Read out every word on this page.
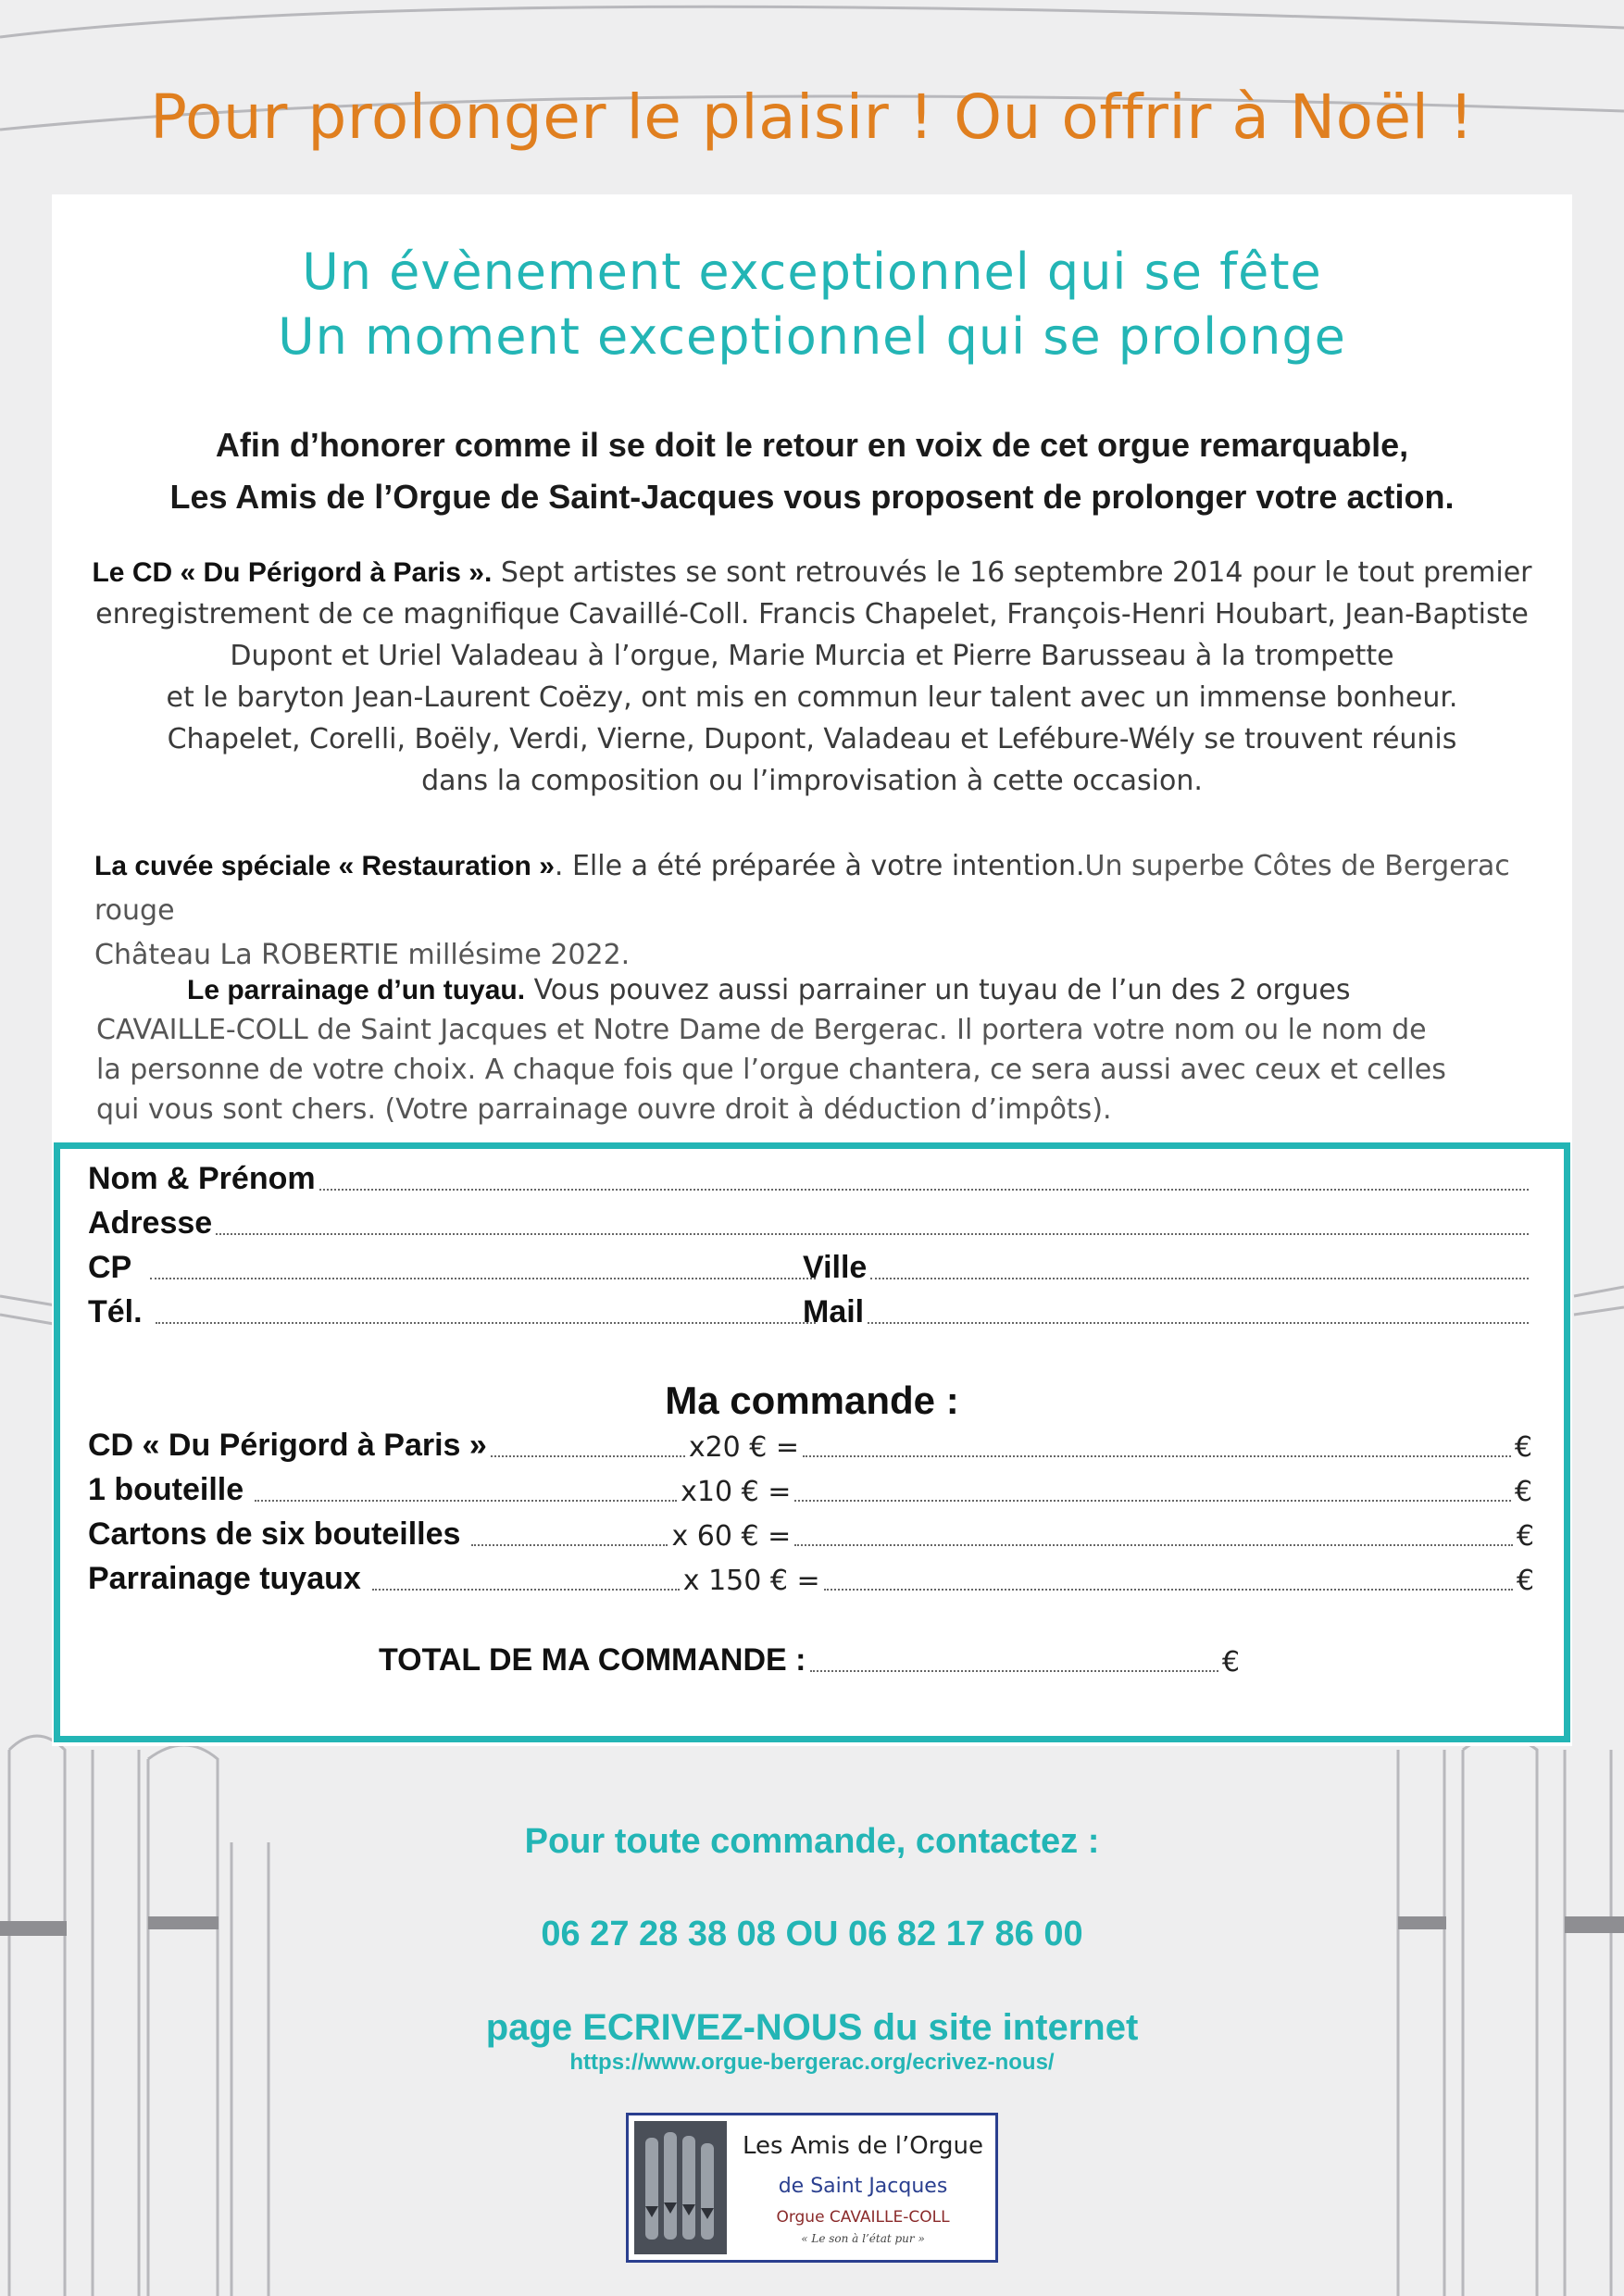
Pour prolonger le plaisir ! Ou offrir à Noël !
Un évènement exceptionnel qui se fête
Un moment exceptionnel qui se prolonge
Afin d’honorer comme il se doit le retour en voix de cet orgue remarquable,
Les Amis de l’Orgue de Saint-Jacques vous proposent de prolonger votre action.
Le CD « Du Périgord à Paris ». Sept artistes se sont retrouvés le 16 septembre 2014 pour le tout premier
enregistrement de ce magnifique Cavaillé-Coll. Francis Chapelet, François-Henri Houbart, Jean-Baptiste
Dupont et Uriel Valadeau à l’orgue, Marie Murcia et Pierre Barusseau à la trompette
et le baryton Jean-Laurent Coëzy, ont mis en commun leur talent avec un immense bonheur.
Chapelet, Corelli, Boëly, Verdi, Vierne, Dupont, Valadeau et Lefébure-Wély se trouvent réunis
dans la composition ou l’improvisation à cette occasion.
La cuvée spéciale « Restauration ». Elle a été préparée à votre intention.Un superbe Côtes de Bergerac rouge
Château La ROBERTIE millésime 2022.
Le parrainage d’un tuyau. Vous pouvez aussi parrainer un tuyau de l’un des 2 orgues
CAVAILLE-COLL de Saint Jacques et Notre Dame de Bergerac. Il portera votre nom ou le nom de
la personne de votre choix. A chaque fois que l’orgue chantera, ce sera aussi avec ceux et celles
qui vous sont chers. (Votre parrainage ouvre droit à déduction d’impôts).
Nom & Prénom
Adresse
CP	Ville
Tél.	Mail
Ma commande :
CD « Du Périgord à Paris »	x20 € =	€
1 bouteille	x10 € =	€
Cartons de six bouteilles	x 60 € =	€
Parrainage tuyaux	x 150 € =	€
TOTAL DE MA COMMANDE :	€
Pour toute commande, contactez :
06 27 28 38 08 OU 06 82 17 86 00
page ECRIVEZ-NOUS du site internet
https://www.orgue-bergerac.org/ecrivez-nous/
Les Amis de l’Orgue
de Saint Jacques
Orgue CAVAILLE-COLL
« Le son à l’état pur »
